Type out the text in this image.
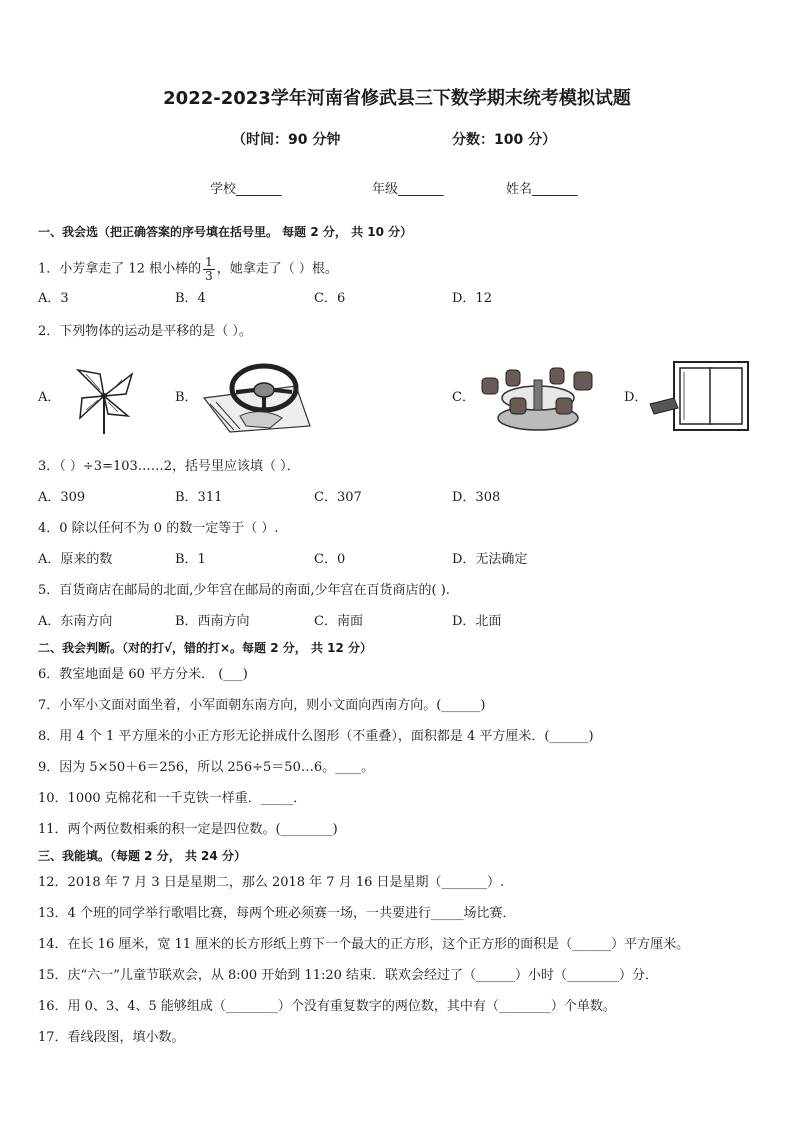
2022-2023学年河南省修武县三下数学期末统考模拟试题
（时间：90 分钟	分数：100 分）
学校_______	年级_______	姓名_______
一、我会选（把正确答案的序号填在括号里。 每题 2 分， 共 10 分）
1．小芳拿走了 12 根小棒的 $\frac{1}{3}$ ，她拿走了（ ）根。
A．3	B．4	C．6	D．12
2．下列物体的运动是平移的是（ ）。
A．	B．	C．	D．
3．（ ）÷3=103……2，括号里应该填（ ）．
A．309	B．311	C．307	D．308
4．0 除以任何不为 0 的数一定等于（ ）.
A．原来的数	B．1	C．0	D．无法确定
5．百货商店在邮局的北面,少年宫在邮局的南面,少年宫在百货商店的( ).
A．东南方向	B．西南方向	C．南面	D．北面
二、我会判断。（对的打√，错的打×。每题 2 分， 共 12 分）
6．教室地面是 60 平方分米． (___)
7．小军小文面对面坐着，小军面朝东南方向，则小文面向西南方向。(______)
8．用 4 个 1 平方厘米的小正方形无论拼成什么图形（不重叠），面积都是 4 平方厘米．(______)
9．因为 5×50＋6＝256，所以 256÷5＝50…6。____。
10．1000 克棉花和一千克铁一样重．_____．
11．两个两位数相乘的积一定是四位数。(________)
三、我能填。（每题 2 分， 共 24 分）
12．2018 年 7 月 3 日是星期二，那么 2018 年 7 月 16 日是星期（_______）.
13．4 个班的同学举行歌唱比赛，每两个班必须赛一场，一共要进行_____场比赛．
14．在长 16 厘米，宽 11 厘米的长方形纸上剪下一个最大的正方形，这个正方形的面积是（______）平方厘米。
15．庆“六一”儿童节联欢会，从 8:00 开始到 11:20 结束．联欢会经过了（______）小时（________）分．
16．用 0、3、4、5 能够组成（________）个没有重复数字的两位数，其中有（________）个单数。
17．看线段图，填小数。
